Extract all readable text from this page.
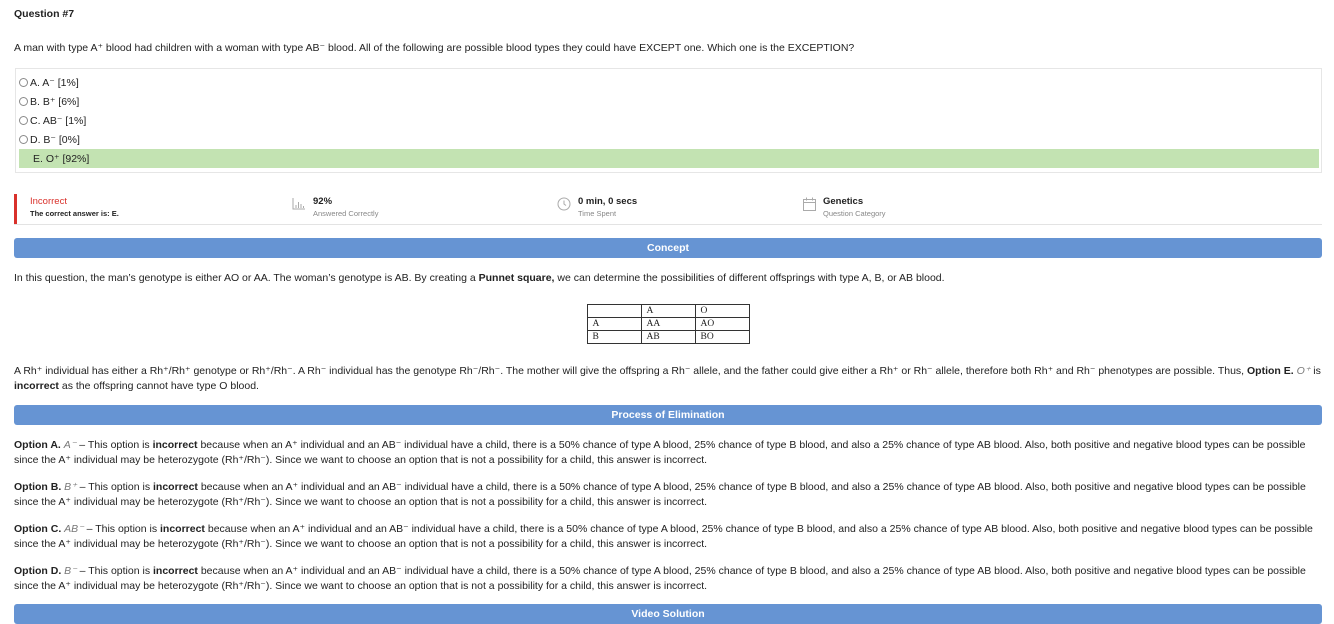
Question #7
A man with type A⁺ blood had children with a woman with type AB⁻ blood. All of the following are possible blood types they could have EXCEPT one. Which one is the EXCEPTION?
A. A⁻ [1%]
B. B⁺ [6%]
C. AB⁻ [1%]
D. B⁻ [0%]
E. O⁺ [92%]
Incorrect
The correct answer is: E.
92%
Answered Correctly
0 min, 0 secs
Time Spent
Genetics
Question Category
Concept

In this question, the man’s genotype is either AO or AA. The woman’s genotype is AB. By creating a Punnet square, we can determine the possibilities of different offsprings with type A, B, or AB blood.

	A	O
A	AA	AO
B	AB	BO

A Rh⁺ individual has either a Rh⁺/Rh⁺ genotype or Rh⁺/Rh⁻. A Rh⁻ individual has the genotype Rh⁻/Rh⁻. The mother will give the offspring a Rh⁻ allele, and the father could give either a Rh⁺ or Rh⁻ allele, therefore both Rh⁺ and Rh⁻ phenotypes are possible. Thus, Option E. O⁺ is incorrect as the offspring cannot have type O blood.

Process of Elimination

Option A. A⁻ – This option is incorrect because when an A⁺ individual and an AB⁻ individual have a child, there is a 50% chance of type A blood, 25% chance of type B blood, and also a 25% chance of type AB blood. Also, both positive and negative blood types can be possible since the A⁺ individual may be heterozygote (Rh⁺/Rh⁻). Since we want to choose an option that is not a possibility for a child, this answer is incorrect.

Option B. B⁺ – This option is incorrect because when an A⁺ individual and an AB⁻ individual have a child, there is a 50% chance of type A blood, 25% chance of type B blood, and also a 25% chance of type AB blood. Also, both positive and negative blood types can be possible since the A⁺ individual may be heterozygote (Rh⁺/Rh⁻). Since we want to choose an option that is not a possibility for a child, this answer is incorrect.

Option C. AB⁻ – This option is incorrect because when an A⁺ individual and an AB⁻ individual have a child, there is a 50% chance of type A blood, 25% chance of type B blood, and also a 25% chance of type AB blood. Also, both positive and negative blood types can be possible since the A⁺ individual may be heterozygote (Rh⁺/Rh⁻). Since we want to choose an option that is not a possibility for a child, this answer is incorrect.

Option D. B⁻ – This option is incorrect because when an A⁺ individual and an AB⁻ individual have a child, there is a 50% chance of type A blood, 25% chance of type B blood, and also a 25% chance of type AB blood. Also, both positive and negative blood types can be possible since the A⁺ individual may be heterozygote (Rh⁺/Rh⁻). Since we want to choose an option that is not a possibility for a child, this answer is incorrect.

Video Solution
